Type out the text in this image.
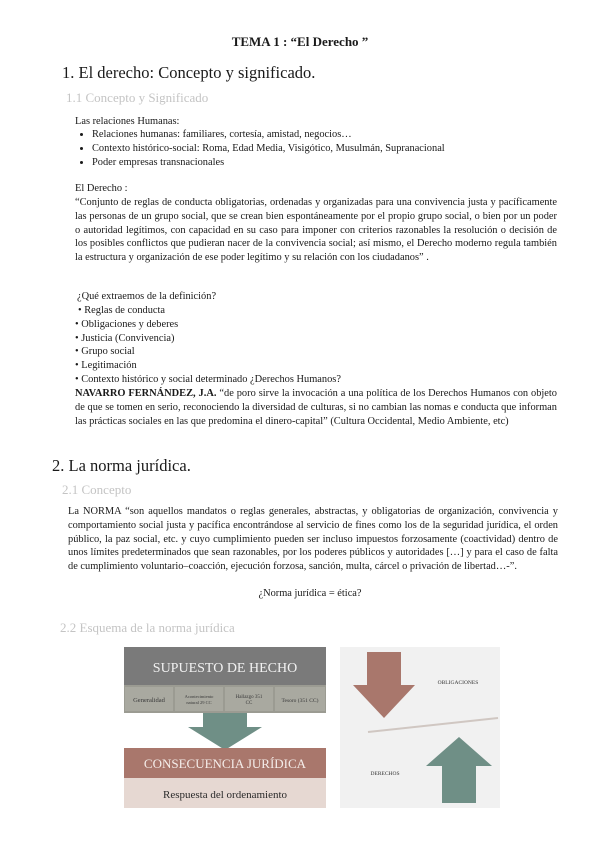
TEMA 1 : “El Derecho ”
1. El derecho: Concepto y significado.
1.1 Concepto y Significado
Las relaciones Humanas:
• Relaciones humanas: familiares, cortesía, amistad, negocios…
• Contexto histórico-social: Roma, Edad Media, Visigótico, Musulmán, Supranacional
• Poder empresas transnacionales
El Derecho :
“Conjunto de reglas de conducta obligatorias, ordenadas y organizadas para una convivencia justa y pacíficamente las personas de un grupo social, que se crean bien espontáneamente por el propio grupo social, o bien por un poder o autoridad legítimos, con capacidad en su caso para imponer con criterios razonables la resolución o decisión de los posibles conflictos que pudieran nacer de la convivencia social; así mismo, el Derecho moderno regula también la estructura y organización de ese poder legítimo y su relación con los ciudadanos” .
¿Qué extraemos de la definición?
• Reglas de conducta
• Obligaciones y deberes
• Justicia (Convivencia)
• Grupo social
• Legitimación
• Contexto histórico y social determinado ¿Derechos Humanos?
NAVARRO FERNÁNDEZ, J.A. “de poro sirve la invocación a una política de los Derechos Humanos con objeto de que se tomen en serio, reconociendo la diversidad de culturas, si no cambian las nomas e conducta que informan las prácticas sociales en las que predomina el dinero-capital” (Cultura Occidental, Medio Ambiente, etc)
2. La norma jurídica.
2.1 Concepto
La NORMA “son aquellos mandatos o reglas generales, abstractas, y obligatorias de organización, convivencia y comportamiento social justa y pacífica encontrándose al servicio de fines como los de la seguridad jurídica, el orden público, la paz social, etc. y cuyo cumplimiento pueden ser incluso impuestos forzosamente (coactividad) dentro de unos límites predeterminados que sean razonables, por los poderes públicos y autoridades […] y para el caso de falta de cumplimiento voluntario–coacción, ejecución forzosa, sanción, multa, cárcel o privación de libertad…-”.
¿Norma jurídica = ética?
2.2 Esquema de la norma jurídica
SUPUESTO DE HECHO
Generalidad
Acontecimiento natural 29 CC
Hallazgo 351 CC	Tesoro (351 CC)
CONSECUENCIA JURÍDICA
Respuesta del ordenamiento
OBLIGACIONES
DERECHOS
